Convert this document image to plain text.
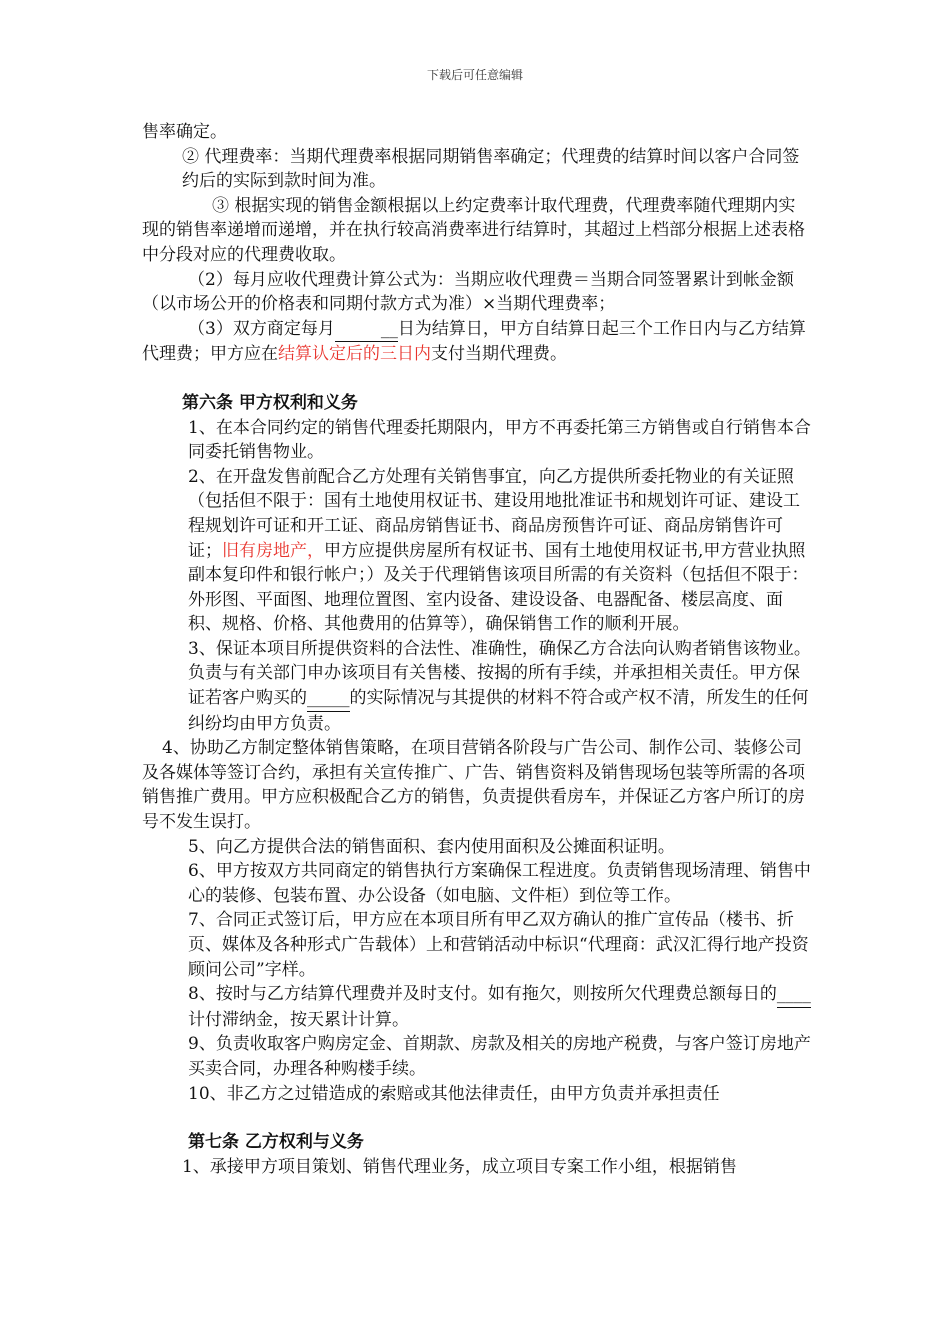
下载后可任意编辑

售率确定。

② 代理费率：当期代理费率根据同期销售率确定；代理费的结算时间以客户合同签约后的实际到款时间为准。

③ 根据实现的销售金额根据以上约定费率计取代理费，代理费率随代理期内实现的销售率递增而递增，并在执行较高消费率进行结算时，其超过上档部分根据上述表格中分段对应的代理费收取。

（2）每月应收代理费计算公式为：当期应收代理费＝当期合同签署累计到帐金额（以市场公开的价格表和同期付款方式为准）×当期代理费率；

（3）双方商定每月	__日为结算日，甲方自结算日起三个工作日内与乙方结算代理费；甲方应在结算认定后的三日内支付当期代理费。

第六条 甲方权利和义务

1、在本合同约定的销售代理委托期限内，甲方不再委托第三方销售或自行销售本合同委托销售物业。

2、在开盘发售前配合乙方处理有关销售事宜，向乙方提供所委托物业的有关证照（包括但不限于：国有土地使用权证书、建设用地批准证书和规划许可证、建设工程规划许可证和开工证、商品房销售证书、商品房预售许可证、商品房销售许可证；旧有房地产，甲方应提供房屋所有权证书、国有土地使用权证书,甲方营业执照副本复印件和银行帐户；）及关于代理销售该项目所需的有关资料（包括但不限于：外形图、平面图、地理位置图、室内设备、建设设备、电器配备、楼层高度、面积、规格、价格、其他费用的估算等），确保销售工作的顺利开展。

3、保证本项目所提供资料的合法性、准确性，确保乙方合法向认购者销售该物业。负责与有关部门申办该项目有关售楼、按揭的所有手续，并承担相关责任。甲方保证若客户购买的_____的实际情况与其提供的材料不符合或产权不清，所发生的任何纠纷均由甲方负责。

4、协助乙方制定整体销售策略，在项目营销各阶段与广告公司、制作公司、装修公司及各媒体等签订合约，承担有关宣传推广、广告、销售资料及销售现场包装等所需的各项销售推广费用。甲方应积极配合乙方的销售，负责提供看房车，并保证乙方客户所订的房号不发生误打。

5、向乙方提供合法的销售面积、套内使用面积及公摊面积证明。

6、甲方按双方共同商定的销售执行方案确保工程进度。负责销售现场清理、销售中心的装修、包装布置、办公设备（如电脑、文件柜）到位等工作。

7、合同正式签订后，甲方应在本项目所有甲乙双方确认的推广宣传品（楼书、折页、媒体及各种形式广告载体）上和营销活动中标识“代理商：武汉汇得行地产投资顾问公司”字样。

8、按时与乙方结算代理费并及时支付。如有拖欠，则按所欠代理费总额每日的____计付滞纳金，按天累计计算。

9、负责收取客户购房定金、首期款、房款及相关的房地产税费，与客户签订房地产买卖合同，办理各种购楼手续。

10、非乙方之过错造成的索赔或其他法律责任，由甲方负责并承担责任

第七条 乙方权利与义务

1、承接甲方项目策划、销售代理业务，成立项目专案工作小组，根据销售
